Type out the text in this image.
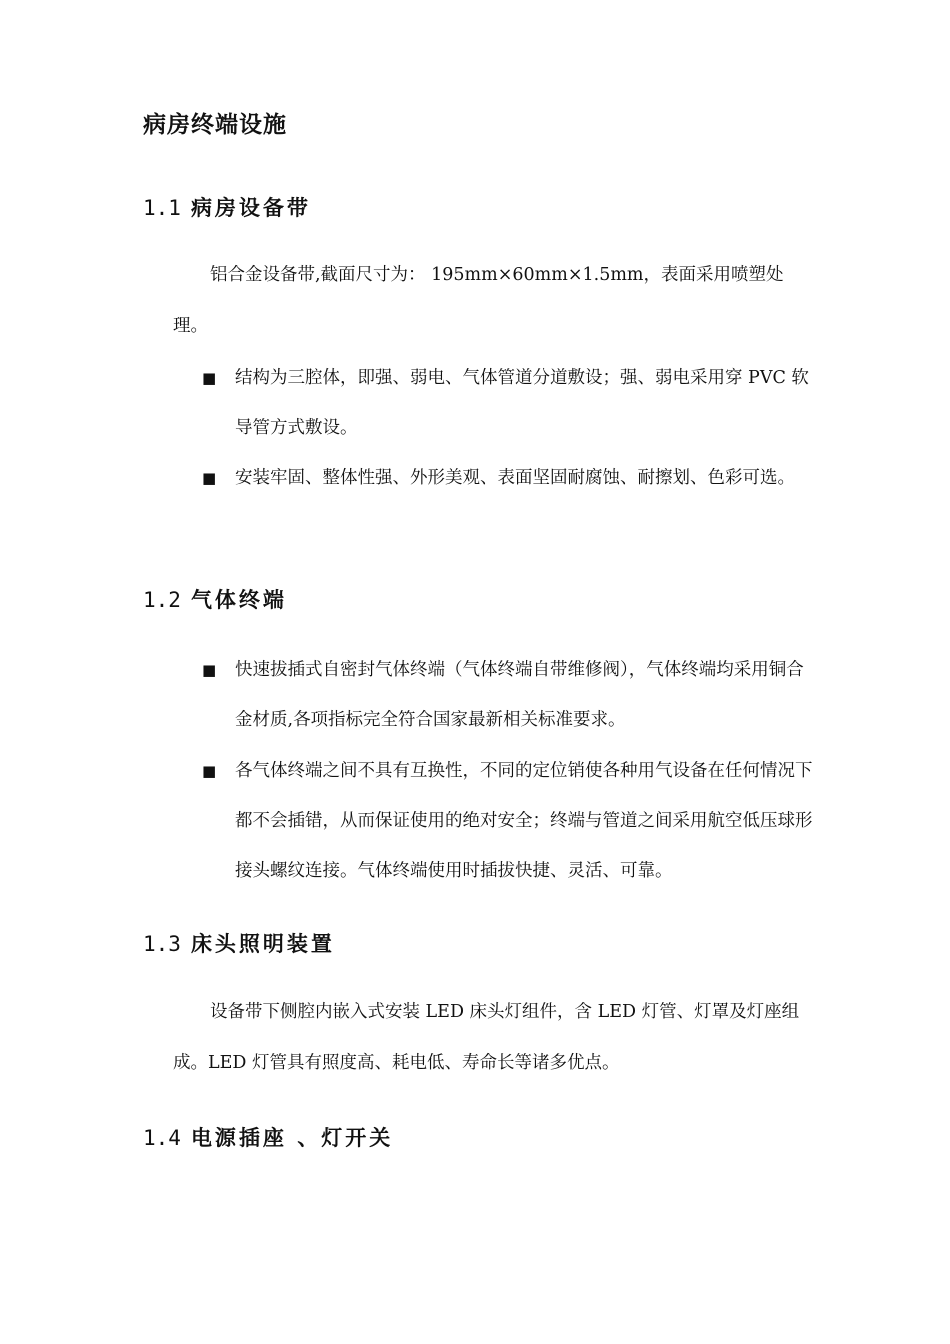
病房终端设施
1.1 病房设备带
铝合金设备带,截面尺寸为： 195mm×60mm×1.5mm，表面采用喷塑处理。
■ 结构为三腔体，即强、弱电、气体管道分道敷设；强、弱电采用穿 PVC 软导管方式敷设。
■ 安装牢固、整体性强、外形美观、表面坚固耐腐蚀、耐擦划、色彩可选。
1.2 气体终端
■ 快速拔插式自密封气体终端（气体终端自带维修阀），气体终端均采用铜合金材质,各项指标完全符合国家最新相关标准要求。
■ 各气体终端之间不具有互换性，不同的定位销使各种用气设备在任何情况下都不会插错，从而保证使用的绝对安全；终端与管道之间采用航空低压球形接头螺纹连接。气体终端使用时插拔快捷、灵活、可靠。
1.3 床头照明装置
设备带下侧腔内嵌入式安装 LED 床头灯组件，含 LED 灯管、灯罩及灯座组成。LED 灯管具有照度高、耗电低、寿命长等诸多优点。
1.4 电源插座 、灯开关
